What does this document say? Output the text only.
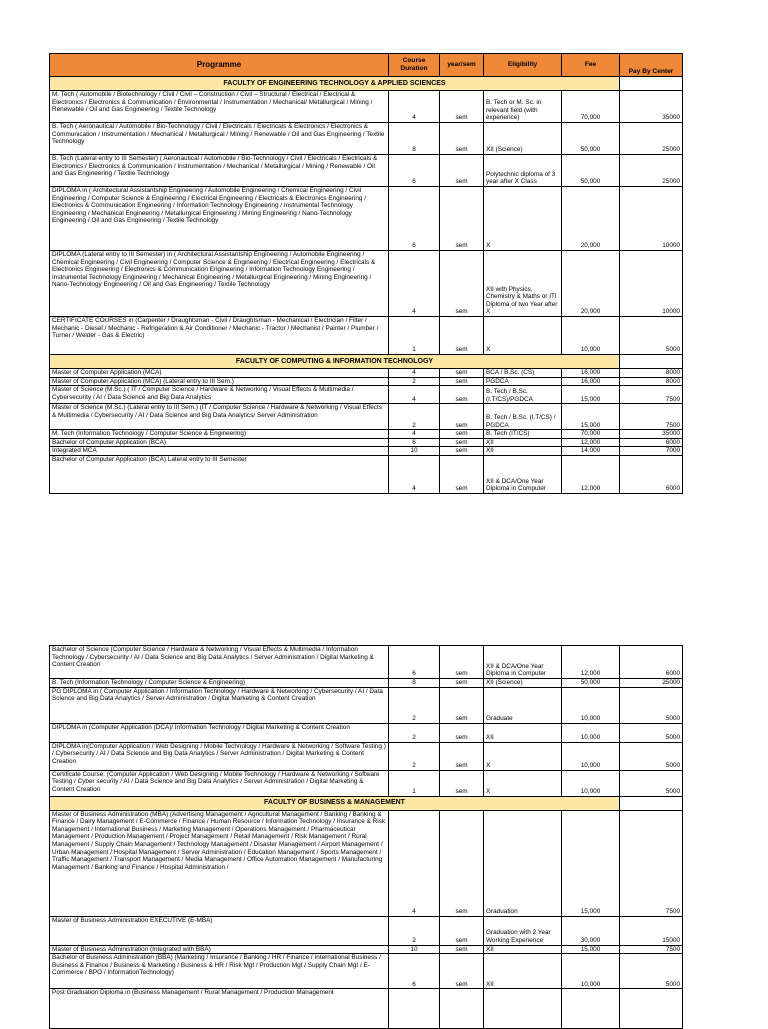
Programme	Course Duration	year/sem	Eligibility	Fee	Pay By Center
FACULTY OF ENGINEERING TECHNOLOGY & APPLIED SCIENCES					
M. Tech ( Automobile / Biotechnology / Civil / Civil – Construction / Civil – Structural / Electrical / Electrical & Electronics / Electronics & Communication / Environmental / Instrumentation / Mechanical/ Metallurgical / Mining / Renewable / Oil and Gas Engineering / Textile Technology	4	sem	B. Tech or M. Sc. in relevant field (with experience)	70,000	35000
B. Tech ( Aeronautical / Automobile / Bio-Technology / Civil / Electricals / Electricals & Electronics / Electronics & Communication / Instrumentation / Mechanical / Metallurgical / Mining / Renewable / Oil and Gas Engineering / Textile Technology	8	sem	XII (Science)	50,000	25000
B. Tech (Lateral entry to III Semester) ( Aeronautical / Automobile / Bio-Technology / Civil / Electricals / Electricals & Electronics / Electronics & Communication / Instrumentation / Mechanical / Metallurgical / Mining / Renewable / Oil and Gas Engineering / Textile Technology	6	sem	Polytechnic diploma of 3 year after X Class	50,000	25000
DIPLOMA in ( Architectural Assistantship Engineering / Automobile Engineering / Chemical Engineering / Civil Engineering / Computer Science & Engineering / Electrical Engineering / Electricals & Electronics Engineering / Electronics & Communication Engineering / Information Technology Engineering / Instrumental Technology Engineering / Mechanical Engineering / Metallurgical Engineering / Mining Engineering / Nano-Technology Engineering / Oil and Gas Engineering / Textile Technology	6	sem	X	20,000	10000
DIPLOMA (Lateral entry to III Semester) in ( Architectural Assistantship Engineering / Automobile Engineering / Chemical Engineering / Civil Engineering / Computer Science & Engineering / Electrical Engineering / Electricals & Electronics Engineering / Electronics & Communication Engineering / Information Technology Engineering / Instrumental Technology Engineering / Mechanical Engineering / Metallurgical Engineering / Mining Engineering / Nano-Technology Engineering / Oil and Gas Engineering / Textile Technology	4	sem	XII with Physics, Chemistry & Maths or ITI Diploma of two Year after X	20,000	10000
CERTIFICATE COURSES in (Carpenter / Draughtsman - Civil / Draughtsman - Mechanical / Electrician / Filter / Mechanic - Diesel / Mechanic - Refrigeration & Air Conditioner / Mechanic - Tractor / Mechanist / Painter / Plumber / Turner / Welder - Gas & Electric)	1	sem	X	10,000	5000
FACULTY OF COMPUTING & INFORMATION TECHNOLOGY					
Master of Computer Application (MCA)	4	sem	BCA / B.Sc. (CS)	16,000	8000
Master of Computer Application (MCA) (Lateral entry to III Sem.)	2	sem	PGDCA	16,000	8000
Master of Science (M.Sc.) ( IT / Computer Science / Hardware & Networking / Visual Effects & Multimedia / Cybersecurity / AI / Data Science and Big Data Analytics	4	sem	B. Tech / B.Sc. (I.T/CS)/PGDCA	15,000	7500
Master of Science (M.Sc.) (Lateral entry to III Sem.) (IT / Computer Science / Hardware & Networking / Visual Effects & Multimedia / Cybersecurity / AI / Data Science and Big Data Analytics/ Server Administration	2	sem	B. Tech / B.Sc. (I.T/CS) / PGDCA	15,000	7500
M. Tech (Information Technology / Computer Science & Engineering)	4	sem	B. Tech (IT/CS)	70,000	35000
Bachelor of Computer Application (BCA)	6	sem	XII	12,000	6000
Integrated MCA	10	sem	XII	14,000	7000
Bachelor of Computer Application (BCA) Lateral entry to III Semester	4	sem	XII & DCA/One Year Diploma in Computer	12,000	6000
Bachelor of Science (Computer Science / Hardware & Networking / Visual Effects & Multimedia / Information Technology / Cybersecurity / AI / Data Science and Big Data Analytics / Server Administration / Digital Marketing & Content Creation	6	sem	XII & DCA/One Year Diploma in Computer	12,000	6000
B. Tech (Information Technology / Computer Science & Engineering)	8	sem	XII (Science)	50,000	25000
PG DIPLOMA in ( Computer Application / Information Technology / Hardware & Networking / Cybersecurity / AI / Data Science and Big Data Analytics / Server Administration / Digital Marketing & Content Creation	2	sem	Graduate	10,000	5000
DIPLOMA in (Computer Application (DCA)/ Information Technology / Digital Marketing & Content Creation	2	sem	XII	10,000	5000
DIPLOMA in(Computer Application / Web Designing / Mobile Technology / Hardware & Networking / Software Testing ) / Cybersecurity / AI / Data Science and Big Data Analytics / Server Administration / Digital Marketing & Content Creation	2	sem	X	10,000	5000
Certificate Course: (Computer Application / Web Designing / Mobile Technology / Hardware & Networking / Software Testing / Cyber security / AI / Data Science and Big Data Analytics / Server Administration / Digital Marketing & Content Creation	1	sem	X	10,000	5000
FACULTY OF BUSINESS & MANAGEMENT					
Master of Business Administration (MBA) (Advertising Management / Agricultural Management / Banking / Banking & Finance / Dairy Management / E-Commerce / Finance / Human Resource / Information Technology / Insurance & Risk Management / International Business / Marketing Management / Operations Management / Pharmaceutical Management / Production Management / Project Management / Retail Management / Risk Management / Rural Management / Supply Chain Management / Technology Management / Disaster Management / Airport Management / Urban Management / Hospital Management / Server Administration / Education Management / Sports Management / Traffic Management / Transport Management / Media Management / Office Automation Management / Manufacturing Management / Banking and Finance / Hospital Administration /	4	sem	Graduation	15,000	7500
Master of Business Administration EXECUTIVE (E-MBA)	2	sem	Graduation with 2 Year Working Experience	30,000	15000
Master of Business Administration (Integrated with BBA)	10	sem	XII	15,000	7500
Bachelor of Business Administration (BBA) (Marketing / Insurance / Banking / HR / Finance / International Business / Business & Finance / Business & Marketing / Business & HR / Risk Mgt / Production Mgt / Supply Chain Mgt / E-Commerce / BPO / InformationTechnology)	6	sem	XII	10,000	5000
Post Graduation Diploma in (Business Management / Rural Management / Production Management					
